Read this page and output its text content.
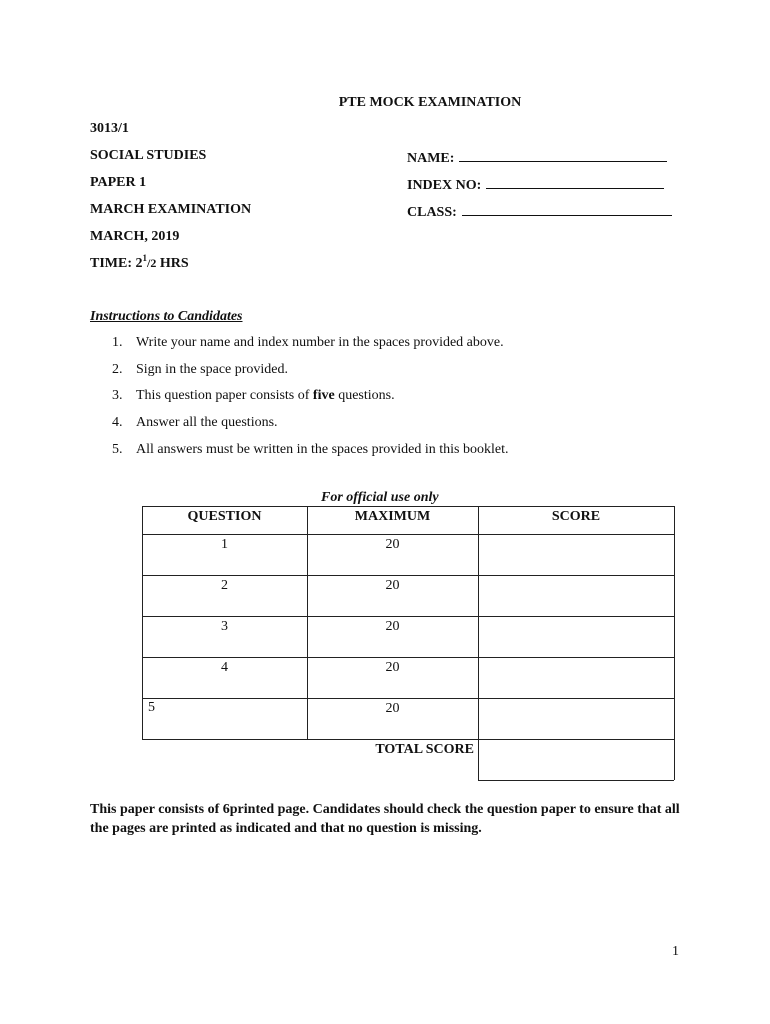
PTE MOCK EXAMINATION
3013/1
SOCIAL STUDIES
PAPER 1
MARCH EXAMINATION
MARCH, 2019
TIME: $2^1/2$ HRS
NAME:
INDEX NO:
CLASS:
Instructions to Candidates
1. Write your name and index number in the spaces provided above.
2. Sign in the space provided.
3. This question paper consists of five questions.
4. Answer all the questions.
5. All answers must be written in the spaces provided in this booklet.
For official use only
QUESTION	MAXIMUM	SCORE
1	20
2	20
3	20
4	20
5	20
TOTAL SCORE
This paper consists of 6printed page. Candidates should check the question paper to ensure that all the pages are printed as indicated and that no question is missing.
1
